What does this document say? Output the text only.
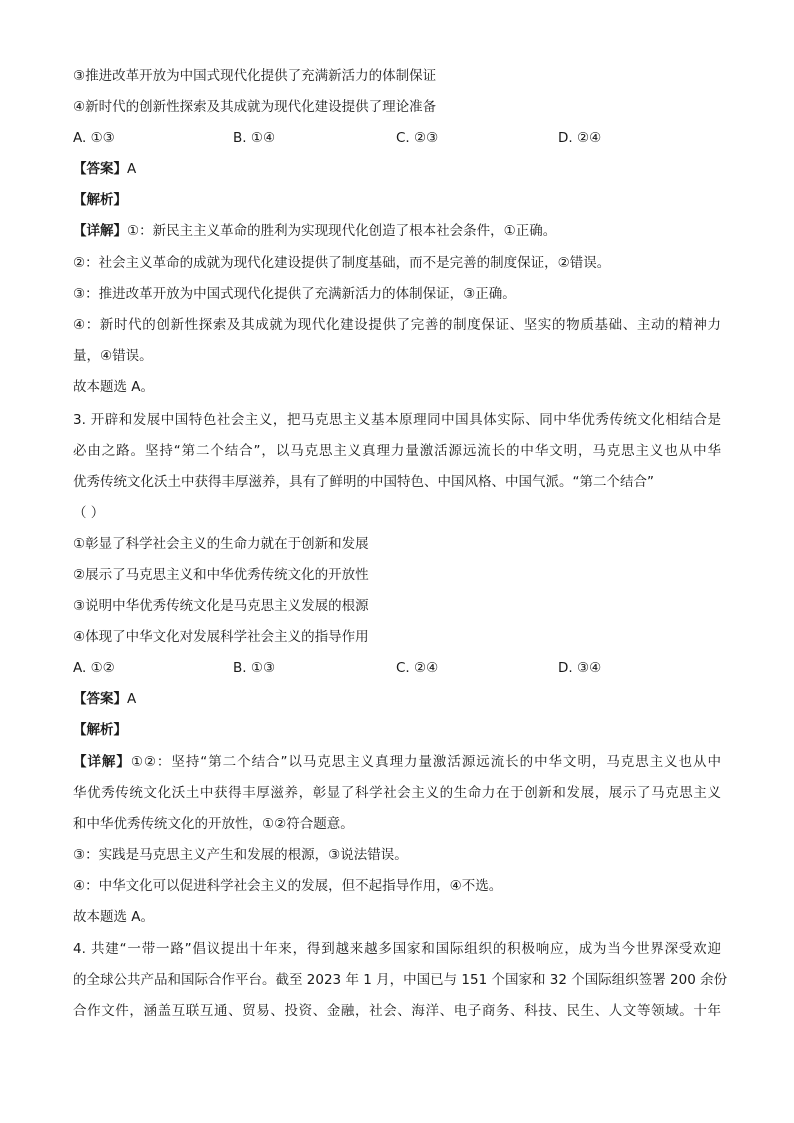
③推进改革开放为中国式现代化提供了充满新活力的体制保证
④新时代的创新性探索及其成就为现代化建设提供了理论准备
A. ①③	B. ①④	C. ②③	D. ②④
【答案】A
【解析】
【详解】①：新民主主义革命的胜利为实现现代化创造了根本社会条件，①正确。
②：社会主义革命的成就为现代化建设提供了制度基础，而不是完善的制度保证，②错误。
③：推进改革开放为中国式现代化提供了充满新活力的体制保证，③正确。
④：新时代的创新性探索及其成就为现代化建设提供了完善的制度保证、坚实的物质基础、主动的精神力
量，④错误。
故本题选 A。
3. 开辟和发展中国特色社会主义，把马克思主义基本原理同中国具体实际、同中华优秀传统文化相结合是
必由之路。坚持“第二个结合”，以马克思主义真理力量激活源远流长的中华文明，马克思主义也从中华
优秀传统文化沃土中获得丰厚滋养，具有了鲜明的中国特色、中国风格、中国气派。“第二个结合”
（ ）
①彰显了科学社会主义的生命力就在于创新和发展
②展示了马克思主义和中华优秀传统文化的开放性
③说明中华优秀传统文化是马克思主义发展的根源
④体现了中华文化对发展科学社会主义的指导作用
A. ①②	B. ①③	C. ②④	D. ③④
【答案】A
【解析】
【详解】①②：坚持“第二个结合”以马克思主义真理力量激活源远流长的中华文明，马克思主义也从中
华优秀传统文化沃土中获得丰厚滋养，彰显了科学社会主义的生命力在于创新和发展，展示了马克思主义
和中华优秀传统文化的开放性，①②符合题意。
③：实践是马克思主义产生和发展的根源，③说法错误。
④：中华文化可以促进科学社会主义的发展，但不起指导作用，④不选。
故本题选 A。
4. 共建“一带一路”倡议提出十年来，得到越来越多国家和国际组织的积极响应，成为当今世界深受欢迎
的全球公共产品和国际合作平台。截至 2023 年 1 月，中国已与 151 个国家和 32 个国际组织签署 200 余份
合作文件，涵盖互联互通、贸易、投资、金融，社会、海洋、电子商务、科技、民生、人文等领域。十年
